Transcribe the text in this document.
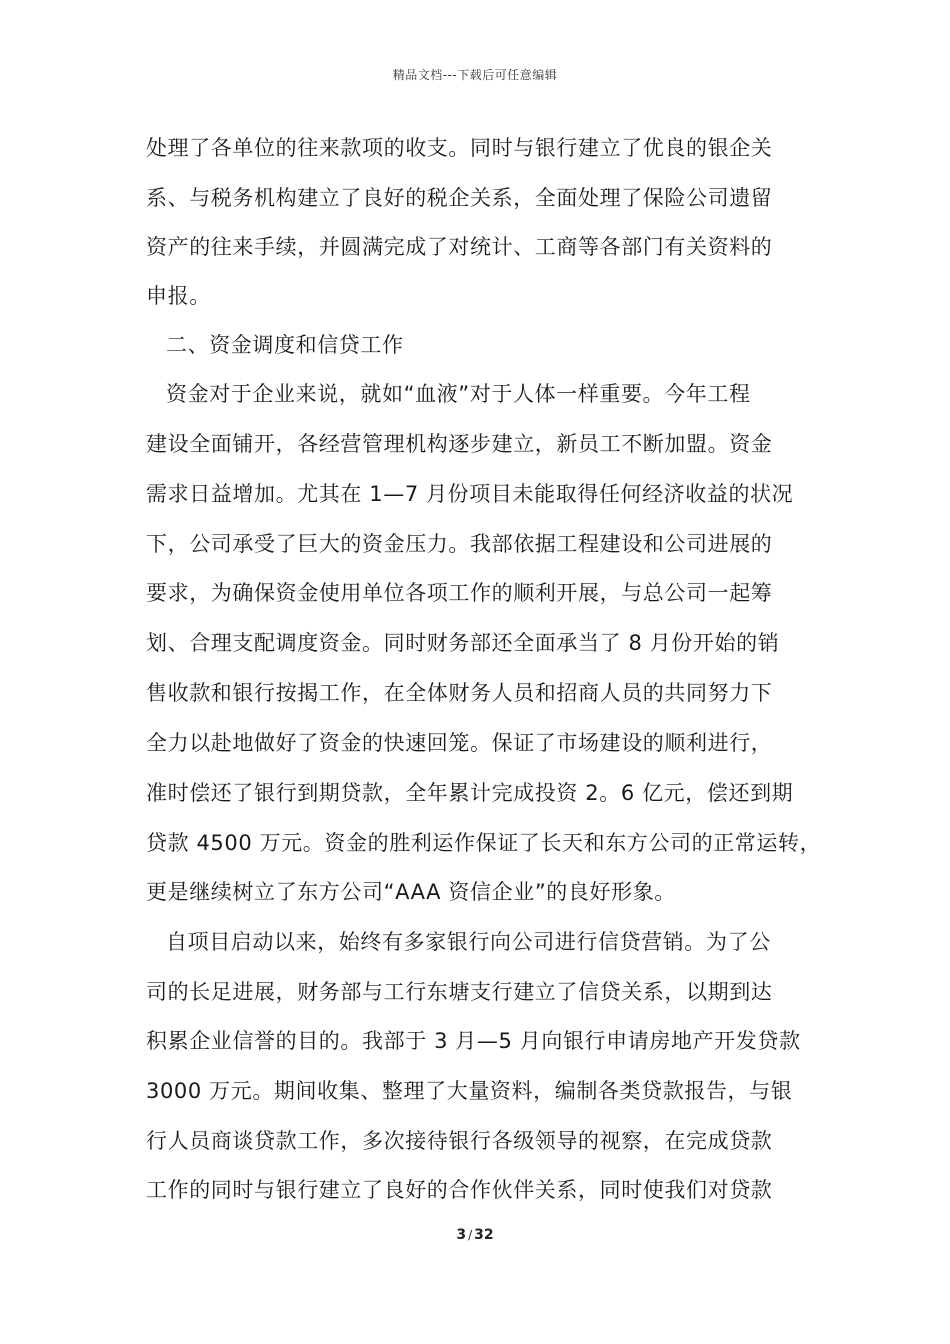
精品文档---下载后可任意编辑
处理了各单位的往来款项的收支。同时与银行建立了优良的银企关
系、与税务机构建立了良好的税企关系，全面处理了保险公司遗留
资产的往来手续，并圆满完成了对统计、工商等各部门有关资料的
申报。
二、资金调度和信贷工作
资金对于企业来说，就如“血液”对于人体一样重要。今年工程
建设全面铺开，各经营管理机构逐步建立，新员工不断加盟。资金
需求日益增加。尤其在 1—7 月份项目未能取得任何经济收益的状况
下，公司承受了巨大的资金压力。我部依据工程建设和公司进展的
要求，为确保资金使用单位各项工作的顺利开展，与总公司一起筹
划、合理支配调度资金。同时财务部还全面承当了 8 月份开始的销
售收款和银行按揭工作，在全体财务人员和招商人员的共同努力下
全力以赴地做好了资金的快速回笼。保证了市场建设的顺利进行，
准时偿还了银行到期贷款，全年累计完成投资 2。6 亿元，偿还到期
贷款 4500 万元。资金的胜利运作保证了长天和东方公司的正常运转，
更是继续树立了东方公司“AAA 资信企业”的良好形象。
自项目启动以来，始终有多家银行向公司进行信贷营销。为了公
司的长足进展，财务部与工行东塘支行建立了信贷关系，以期到达
积累企业信誉的目的。我部于 3 月—5 月向银行申请房地产开发贷款
3000 万元。期间收集、整理了大量资料，编制各类贷款报告，与银
行人员商谈贷款工作，多次接待银行各级领导的视察，在完成贷款
工作的同时与银行建立了良好的合作伙伴关系，同时使我们对贷款
3 / 32
